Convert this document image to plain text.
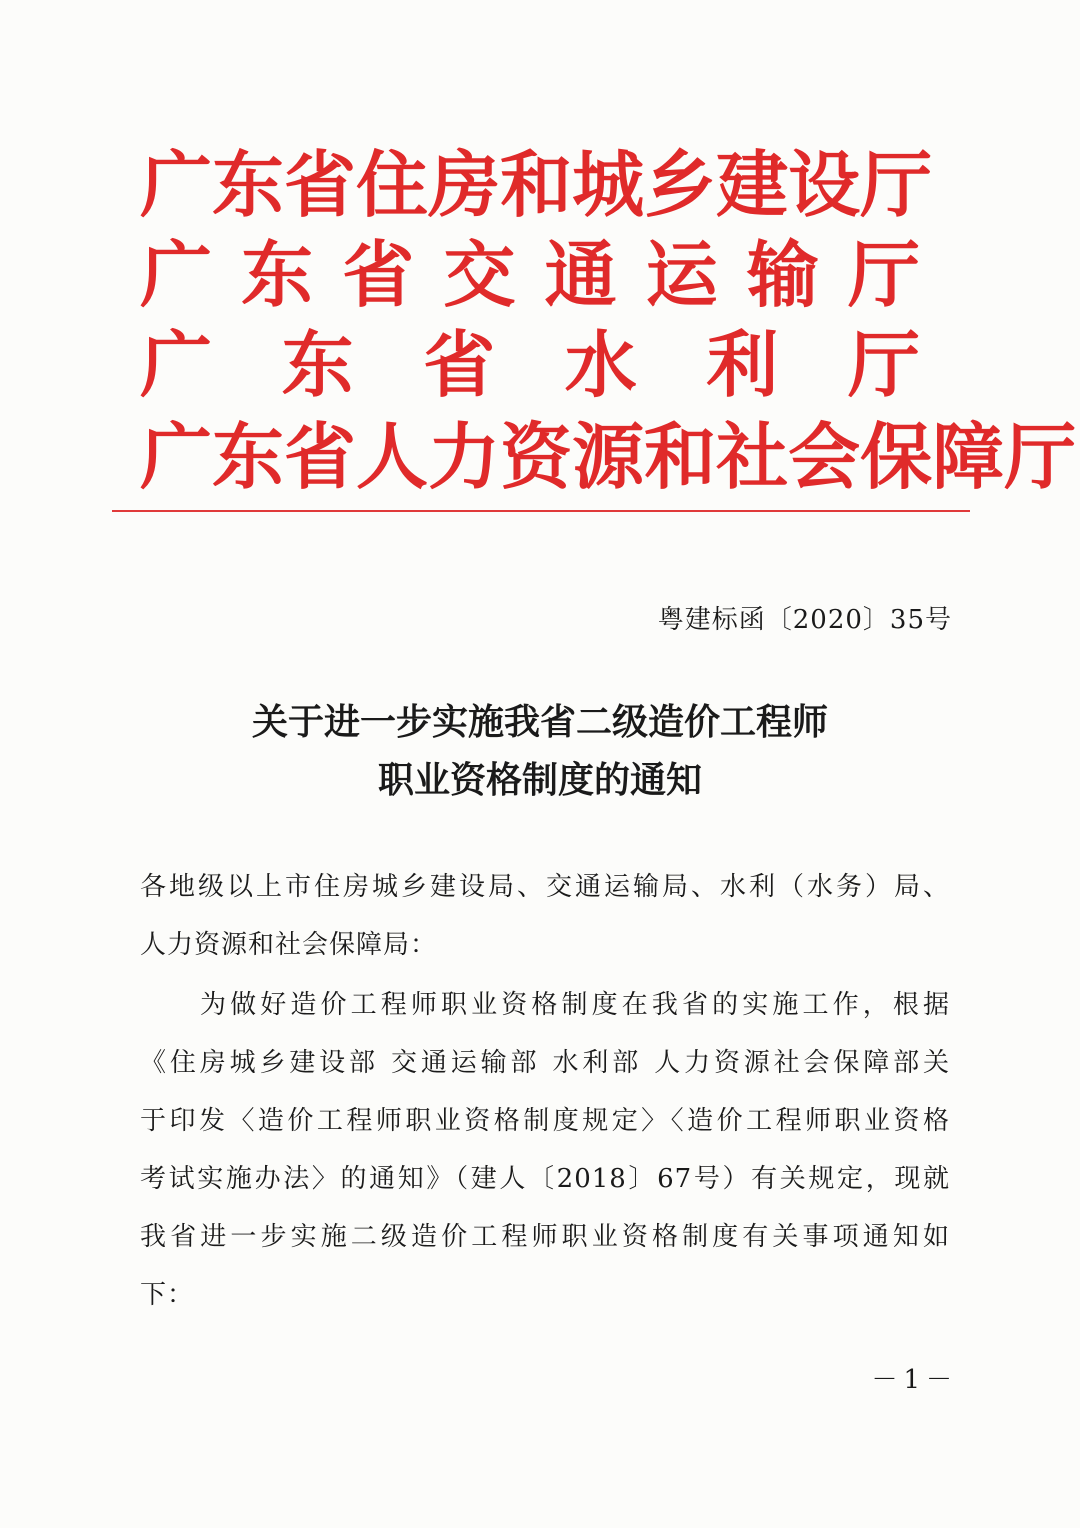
广 东 省 住 房 和 城 乡 建 设 厅
广 东 省 交 通 运 输 厅
广 东 省 水 利 厅
广 东 省 人 力 资 源 和 社 会 保 障 厅
粤建标函〔2020〕35号
关于进一步实施我省二级造价工程师
职业资格制度的通知
各地级以上市住房城乡建设局、交通运输局、水利（水务）局、
人力资源和社会保障局：
为做好造价工程师职业资格制度在我省的实施工作，根据
《住房城乡建设部 交通运输部 水利部 人力资源社会保障部关
于印发〈造价工程师职业资格制度规定〉〈造价工程师职业资格
考试实施办法〉的通知》（建人〔2018〕67号）有关规定，现就
我省进一步实施二级造价工程师职业资格制度有关事项通知如
下：
－1－
